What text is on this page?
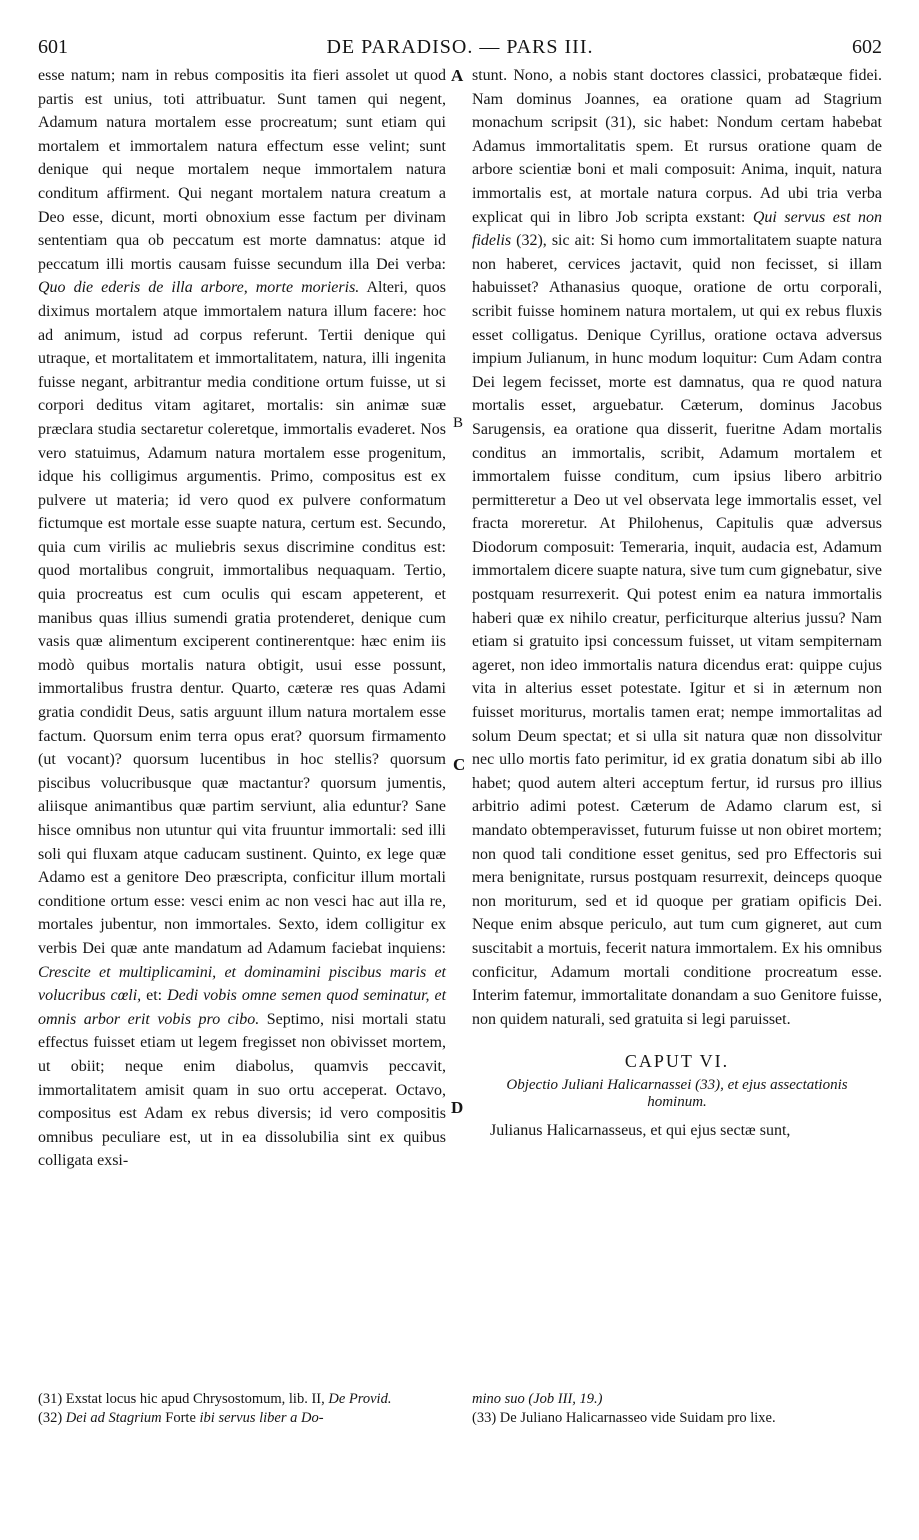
601	DE PARADISO. — PARS III.	602
A
B
C
D

esse natum; nam in rebus compositis ita fieri assolet ut quod partis est unius, toti attribuatur. Sunt tamen qui negent, Adamum natura mortalem esse procreatum; sunt etiam qui mortalem et immortalem natura effectum esse velint; sunt denique qui neque mortalem neque immortalem natura conditum affirment. Qui negant mortalem natura creatum a Deo esse, dicunt, morti obnoxium esse factum per divinam sententiam qua ob peccatum est morte damnatus: atque id peccatum illi mortis causam fuisse secundum illa Dei verba: Quo die ederis de illa arbore, morte morieris. Alteri, quos diximus mortalem atque immortalem natura illum facere: hoc ad animum, istud ad corpus referunt. Tertii denique qui utraque, et mortalitatem et immortalitatem, natura, illi ingenita fuisse negant, arbitrantur media conditione ortum fuisse, ut si corpori deditus vitam agitaret, mortalis: sin animæ suæ præclara studia sectaretur coleretque, immortalis evaderet. Nos vero statuimus, Adamum natura mortalem esse progenitum, idque his colligimus argumentis. Primo, compositus est ex pulvere ut materia; id vero quod ex pulvere conformatum fictumque est mortale esse suapte natura, certum est. Secundo, quia cum virilis ac muliebris sexus discrimine conditus est: quod mortalibus congruit, immortalibus nequaquam. Tertio, quia procreatus est cum oculis qui escam appeterent, et manibus quas illius sumendi gratia protenderet, denique cum vasis quæ alimentum exciperent continerentque: hæc enim iis modò quibus mortalis natura obtigit, usui esse possunt, immortalibus frustra dentur. Quarto, cæteræ res quas Adami gratia condidit Deus, satis arguunt illum natura mortalem esse factum. Quorsum enim terra opus erat? quorsum firmamento (ut vocant)? quorsum lucentibus in hoc stellis? quorsum piscibus volucribusque quæ mactantur? quorsum jumentis, aliisque animantibus quæ partim serviunt, alia eduntur? Sane hisce omnibus non utuntur qui vita fruuntur immortali: sed illi soli qui fluxam atque caducam sustinent. Quinto, ex lege quæ Adamo est a genitore Deo præscripta, conficitur illum mortali conditione ortum esse: vesci enim ac non vesci hac aut illa re, mortales jubentur, non immortales. Sexto, idem colligitur ex verbis Dei quæ ante mandatum ad Adamum faciebat inquiens: Crescite et multiplicamini, et dominamini piscibus maris et volucribus cœli, et: Dedi vobis omne semen quod seminatur, et omnis arbor erit vobis pro cibo. Septimo, nisi mortali statu effectus fuisset etiam ut legem fregisset non obivisset mortem, ut obiit; neque enim diabolus, quamvis peccavit, immortalitatem amisit quam in suo ortu acceperat. Octavo, compositus est Adam ex rebus diversis; id vero compositis omnibus peculiare est, ut in ea dissolubilia sint ex quibus colligata exsi-

stunt. Nono, a nobis stant doctores classici, probatæque fidei. Nam dominus Joannes, ea oratione quam ad Stagrium monachum scripsit (31), sic habet: Nondum certam habebat Adamus immortalitatis spem. Et rursus oratione quam de arbore scientiæ boni et mali composuit: Anima, inquit, natura immortalis est, at mortale natura corpus. Ad ubi tria verba explicat qui in libro Job scripta exstant: Qui servus est non fidelis (32), sic ait: Si homo cum immortalitatem suapte natura non haberet, cervices jactavit, quid non fecisset, si illam habuisset? Athanasius quoque, oratione de ortu corporali, scribit fuisse hominem natura mortalem, ut qui ex rebus fluxis esset colligatus. Denique Cyrillus, oratione octava adversus impium Julianum, in hunc modum loquitur: Cum Adam contra Dei legem fecisset, morte est damnatus, qua re quod natura mortalis esset, arguebatur. Cæterum, dominus Jacobus Sarugensis, ea oratione qua disserit, fueritne Adam mortalis conditus an immortalis, scribit, Adamum mortalem et immortalem fuisse conditum, cum ipsius libero arbitrio permitteretur a Deo ut vel observata lege immortalis esset, vel fracta moreretur. At Philohenus, Capitulis quæ adversus Diodorum composuit: Temeraria, inquit, audacia est, Adamum immortalem dicere suapte natura, sive tum cum gignebatur, sive postquam resurrexerit. Qui potest enim ea natura immortalis haberi quæ ex nihilo creatur, perficiturque alterius jussu? Nam etiam si gratuito ipsi concessum fuisset, ut vitam sempiternam ageret, non ideo immortalis natura dicendus erat: quippe cujus vita in alterius esset potestate. Igitur et si in æternum non fuisset moriturus, mortalis tamen erat; nempe immortalitas ad solum Deum spectat; et si ulla sit natura quæ non dissolvitur nec ullo mortis fato perimitur, id ex gratia donatum sibi ab illo habet; quod autem alteri acceptum fertur, id rursus pro illius arbitrio adimi potest. Cæterum de Adamo clarum est, si mandato obtemperavisset, futurum fuisse ut non obiret mortem; non quod tali conditione esset genitus, sed pro Effectoris sui mera benignitate, rursus postquam resurrexit, deinceps quoque non moriturum, sed et id quoque per gratiam opificis Dei. Neque enim absque periculo, aut tum cum gigneret, aut cum suscitabit a mortuis, fecerit natura immortalem. Ex his omnibus conficitur, Adamum mortali conditione procreatum esse. Interim fatemur, immortalitate donandam a suo Genitore fuisse, non quidem naturali, sed gratuita si legi paruisset.

CAPUT VI.
Objectio Juliani Halicarnassei (33), et ejus assectationis hominum.

Julianus Halicarnasseus, et qui ejus sectæ sunt,

(31) Exstat locus hic apud Chrysostomum, lib. II, De Provid.
(32) Dei ad Stagrium Forte ibi servus liber a Do-
mino suo (Job III, 19.)
(33) De Juliano Halicarnasseo vide Suidam pro lixe.
